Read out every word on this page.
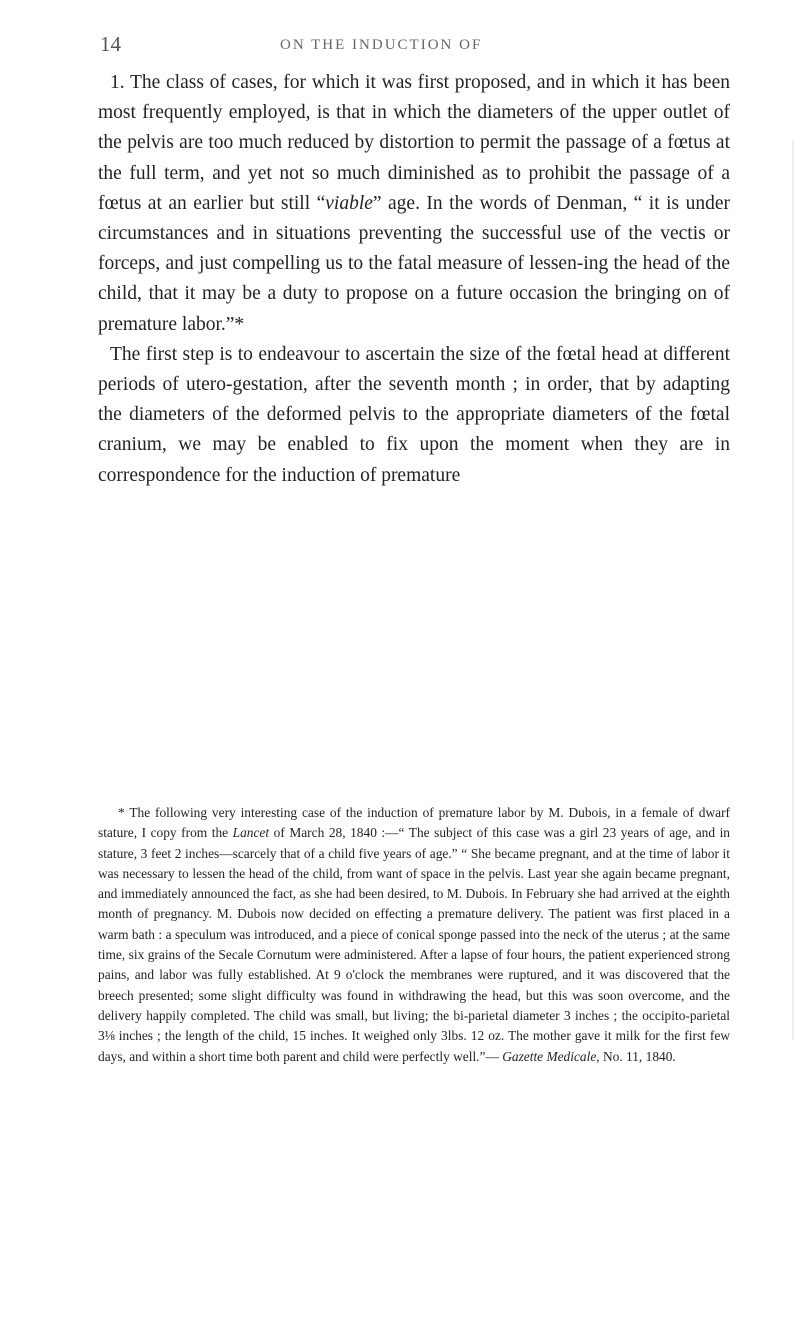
14	ON THE INDUCTION OF

1. The class of cases, for which it was first proposed, and in which it has been most frequently employed, is that in which the diameters of the upper outlet of the pelvis are too much reduced by distortion to permit the passage of a fœtus at the full term, and yet not so much diminished as to prohibit the passage of a fœtus at an earlier but still “viable” age. In the words of Denman, “ it is under circumstances and in situations preventing the successful use of the vectis or forceps, and just compelling us to the fatal measure of lessen-ing the head of the child, that it may be a duty to propose on a future occasion the bringing on of premature labor.”*

The first step is to endeavour to ascertain the size of the fœtal head at different periods of utero-gestation, after the seventh month ; in order, that by adapting the diameters of the deformed pelvis to the appropriate diameters of the fœtal cranium, we may be enabled to fix upon the moment when they are in correspondence for the induction of premature

* The following very interesting case of the induction of premature labor by M. Dubois, in a female of dwarf stature, I copy from the Lancet of March 28, 1840 :—“ The subject of this case was a girl 23 years of age, and in stature, 3 feet 2 inches—scarcely that of a child five years of age.” “ She became pregnant, and at the time of labor it was necessary to lessen the head of the child, from want of space in the pelvis. Last year she again became pregnant, and immediately announced the fact, as she had been desired, to M. Dubois. In February she had arrived at the eighth month of pregnancy. M. Dubois now decided on effecting a premature delivery. The patient was first placed in a warm bath : a speculum was introduced, and a piece of conical sponge passed into the neck of the uterus ; at the same time, six grains of the Secale Cornutum were administered. After a lapse of four hours, the patient experienced strong pains, and labor was fully established. At 9 o'clock the membranes were ruptured, and it was discovered that the breech presented; some slight difficulty was found in withdrawing the head, but this was soon overcome, and the delivery happily completed. The child was small, but living; the bi-parietal diameter 3 inches ; the occipito-parietal 3⅛ inches ; the length of the child, 15 inches. It weighed only 3lbs. 12 oz. The mother gave it milk for the first few days, and within a short time both parent and child were perfectly well.”— Gazette Medicale, No. 11, 1840.
